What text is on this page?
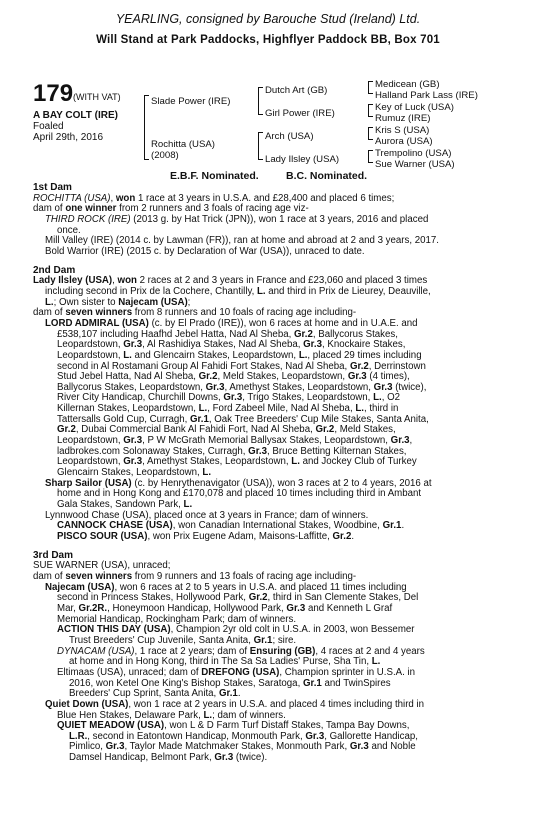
YEARLING, consigned by Barouche Stud (Ireland) Ltd.
Will Stand at Park Paddocks, Highflyer Paddock BB, Box 701
179 (WITH VAT)
A BAY COLT (IRE)
Foaled
April 29th, 2016
Slade Power (IRE)
Rochitta (USA)
(2008)
Dutch Art (GB)
Girl Power (IRE)
Arch (USA)
Lady Ilsley (USA)
Medicean (GB)
Halland Park Lass (IRE)
Key of Luck (USA)
Rumuz (IRE)
Kris S (USA)
Aurora (USA)
Trempolino (USA)
Sue Warner (USA)
E.B.F. Nominated.	B.C. Nominated.
1st Dam
ROCHITTA (USA), won 1 race at 3 years in U.S.A. and £28,400 and placed 6 times;
dam of one winner from 2 runners and 3 foals of racing age viz-
THIRD ROCK (IRE) (2013 g. by Hat Trick (JPN)), won 1 race at 3 years, 2016 and placed
once.
Mill Valley (IRE) (2014 c. by Lawman (FR)), ran at home and abroad at 2 and 3 years, 2017.
Bold Warrior (IRE) (2015 c. by Declaration of War (USA)), unraced to date.
2nd Dam
Lady Ilsley (USA), won 2 races at 2 and 3 years in France and £23,060 and placed 3 times
including second in Prix de la Cochere, Chantilly, L. and third in Prix de Lieurey, Deauville,
L.; Own sister to Najecam (USA);
dam of seven winners from 8 runners and 10 foals of racing age including-
LORD ADMIRAL (USA) (c. by El Prado (IRE)), won 6 races at home and in U.A.E. and
£538,107 including Haafhd Jebel Hatta, Nad Al Sheba, Gr.2, Ballycorus Stakes,
Leopardstown, Gr.3, Al Rashidiya Stakes, Nad Al Sheba, Gr.3, Knockaire Stakes,
Leopardstown, L. and Glencairn Stakes, Leopardstown, L., placed 29 times including
second in Al Rostamani Group Al Fahidi Fort Stakes, Nad Al Sheba, Gr.2, Derrinstown
Stud Jebel Hatta, Nad Al Sheba, Gr.2, Meld Stakes, Leopardstown, Gr.3 (4 times),
Ballycorus Stakes, Leopardstown, Gr.3, Amethyst Stakes, Leopardstown, Gr.3 (twice),
River City Handicap, Churchill Downs, Gr.3, Trigo Stakes, Leopardstown, L., O2
Killernan Stakes, Leopardstown, L., Ford Zabeel Mile, Nad Al Sheba, L., third in
Tattersalls Gold Cup, Curragh, Gr.1, Oak Tree Breeders' Cup Mile Stakes, Santa Anita,
Gr.2, Dubai Commercial Bank Al Fahidi Fort, Nad Al Sheba, Gr.2, Meld Stakes,
Leopardstown, Gr.3, P W McGrath Memorial Ballysax Stakes, Leopardstown, Gr.3,
ladbrokes.com Solonaway Stakes, Curragh, Gr.3, Bruce Betting Kilternan Stakes,
Leopardstown, Gr.3, Amethyst Stakes, Leopardstown, L. and Jockey Club of Turkey
Glencairn Stakes, Leopardstown, L.
Sharp Sailor (USA) (c. by Henrythenavigator (USA)), won 3 races at 2 to 4 years, 2016 at
home and in Hong Kong and £170,078 and placed 10 times including third in Ambant
Gala Stakes, Sandown Park, L.
Lynnwood Chase (USA), placed once at 3 years in France; dam of winners.
CANNOCK CHASE (USA), won Canadian International Stakes, Woodbine, Gr.1.
PISCO SOUR (USA), won Prix Eugene Adam, Maisons-Laffitte, Gr.2.
3rd Dam
SUE WARNER (USA), unraced;
dam of seven winners from 9 runners and 13 foals of racing age including-
Najecam (USA), won 6 races at 2 to 5 years in U.S.A. and placed 11 times including
second in Princess Stakes, Hollywood Park, Gr.2, third in San Clemente Stakes, Del
Mar, Gr.2R., Honeymoon Handicap, Hollywood Park, Gr.3 and Kenneth L Graf
Memorial Handicap, Rockingham Park; dam of winners.
ACTION THIS DAY (USA), Champion 2yr old colt in U.S.A. in 2003, won Bessemer
Trust Breeders' Cup Juvenile, Santa Anita, Gr.1; sire.
DYNACAM (USA), 1 race at 2 years; dam of Ensuring (GB), 4 races at 2 and 4 years
at home and in Hong Kong, third in The Sa Sa Ladies' Purse, Sha Tin, L.
Eltimaas (USA), unraced; dam of DREFONG (USA), Champion sprinter in U.S.A. in
2016, won Ketel One King's Bishop Stakes, Saratoga, Gr.1 and TwinSpires
Breeders' Cup Sprint, Santa Anita, Gr.1.
Quiet Down (USA), won 1 race at 2 years in U.S.A. and placed 4 times including third in
Blue Hen Stakes, Delaware Park, L.; dam of winners.
QUIET MEADOW (USA), won L & D Farm Turf Distaff Stakes, Tampa Bay Downs,
L.R., second in Eatontown Handicap, Monmouth Park, Gr.3, Gallorette Handicap,
Pimlico, Gr.3, Taylor Made Matchmaker Stakes, Monmouth Park, Gr.3 and Noble
Damsel Handicap, Belmont Park, Gr.3 (twice).
